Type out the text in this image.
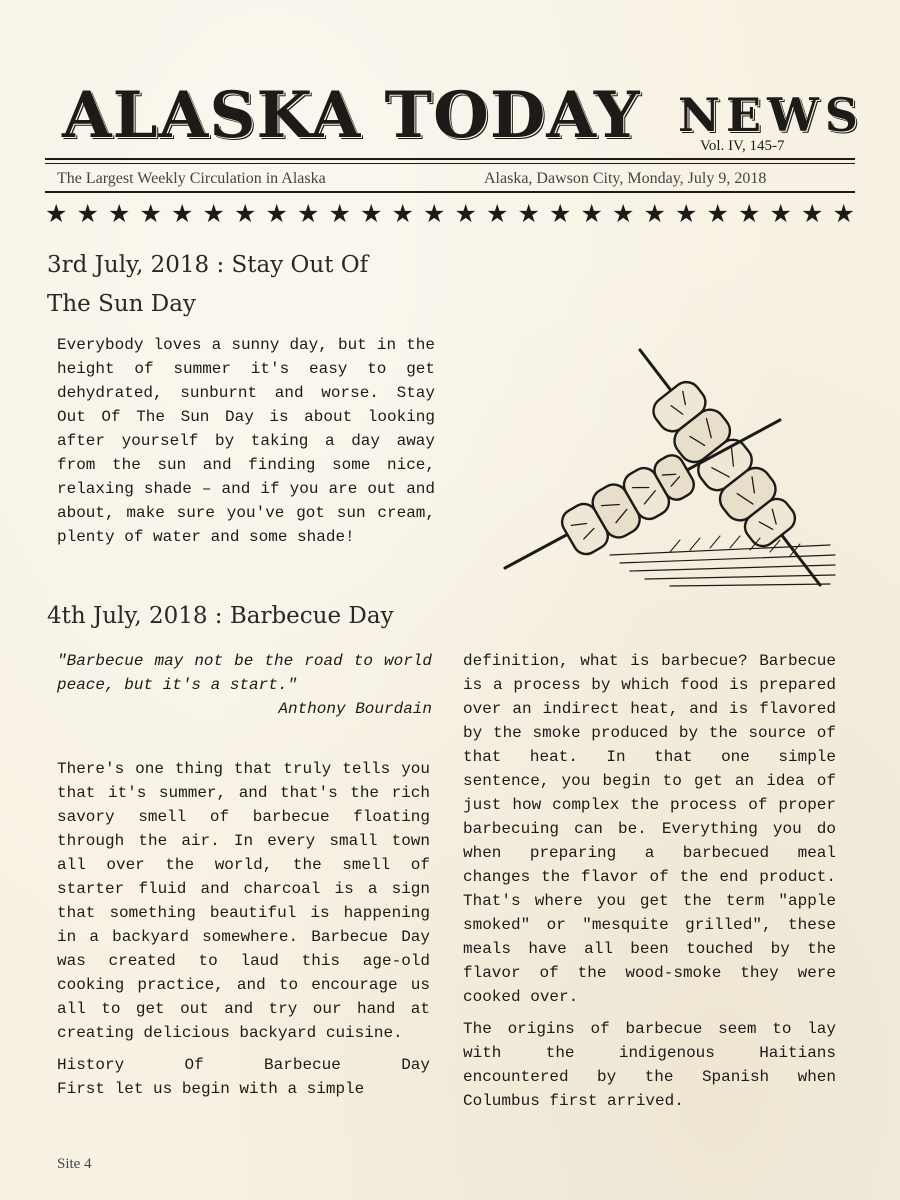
ALASKA TODAY NEWS
Vol. IV, 145-7
The Largest Weekly Circulation in Alaska	Alaska, Dawson City, Monday, July 9, 2018
★ ★ ★ ★ ★ ★ ★ ★ ★ ★ ★ ★ ★ ★ ★ ★ ★ ★ ★ ★ ★ ★ ★ ★ ★ ★
3rd July, 2018 : Stay Out Of
The Sun Day

Everybody loves a sunny day, but in the height of summer it's easy to get dehydrated, sunburnt and worse. Stay Out Of The Sun Day is about looking after yourself by taking a day away from the sun and finding some nice, relaxing shade – and if you are out and about, make sure you've got sun cream, plenty of water and some shade!

4th July, 2018 : Barbecue Day
"Barbecue may not be the road to world peace, but it's a start."
Anthony Bourdain

There's one thing that truly tells you that it's summer, and that's the rich savory smell of barbecue floating through the air. In every small town all over the world, the smell of starter fluid and charcoal is a sign that something beautiful is happening in a backyard somewhere. Barbecue Day was created to laud this age-old cooking practice, and to encourage us all to get out and try our hand at creating delicious backyard cuisine.

History Of Barbecue Day

First let us begin with a simple

definition, what is barbecue? Barbecue is a process by which food is prepared over an indirect heat, and is flavored by the smoke produced by the source of that heat. In that one simple sentence, you begin to get an idea of just how complex the process of proper barbecuing can be. Everything you do when preparing a barbecued meal changes the flavor of the end product. That's where you get the term "apple smoked" or "mesquite grilled", these meals have all been touched by the flavor of the wood-smoke they were cooked over.

The origins of barbecue seem to lay with the indigenous Haitians encountered by the Spanish when Columbus first arrived.

Site 4
